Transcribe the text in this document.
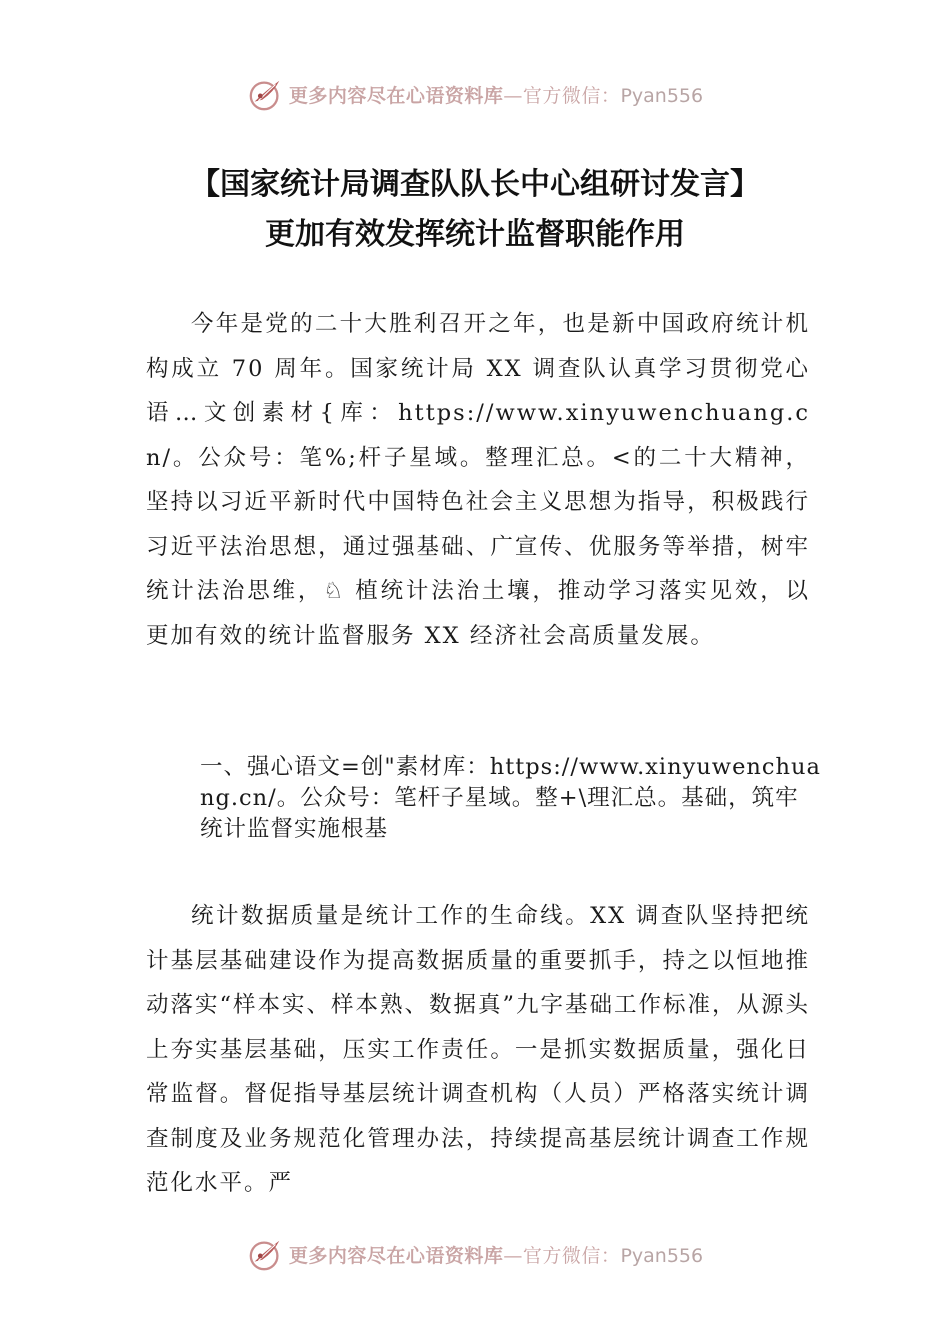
更多内容尽在心语资料库—官方微信：Pyan556
【国家统计局调查队队长中心组研讨发言】
更加有效发挥统计监督职能作用

今年是党的二十大胜利召开之年，也是新中国政府统计机构成立 70 周年。国家统计局 XX 调查队认真学习贯彻党心语…文创素材{库：https://www.xinyuwenchuang.cn/。公众号：笔%;杆子星域。整理汇总。<的二十大精神，坚持以习近平新时代中国特色社会主义思想为指导，积极践行习近平法治思想，通过强基础、广宣传、优服务等举措，树牢统计法治思维，♘ 植统计法治土壤，推动学习落实见效，以更加有效的统计监督服务 XX 经济社会高质量发展。

一、强心语文=创"素材库：https://www.xinyuwenchuang.cn/。公众号：笔杆子星域。整+\理汇总。基础，筑牢统计监督实施根基

统计数据质量是统计工作的生命线。XX 调查队坚持把统计基层基础建设作为提高数据质量的重要抓手，持之以恒地推动落实“样本实、样本熟、数据真”九字基础工作标准，从源头上夯实基层基础，压实工作责任。一是抓实数据质量，强化日常监督。督促指导基层统计调查机构（人员）严格落实统计调查制度及业务规范化管理办法，持续提高基层统计调查工作规范化水平。严

更多内容尽在心语资料库—官方微信：Pyan556
